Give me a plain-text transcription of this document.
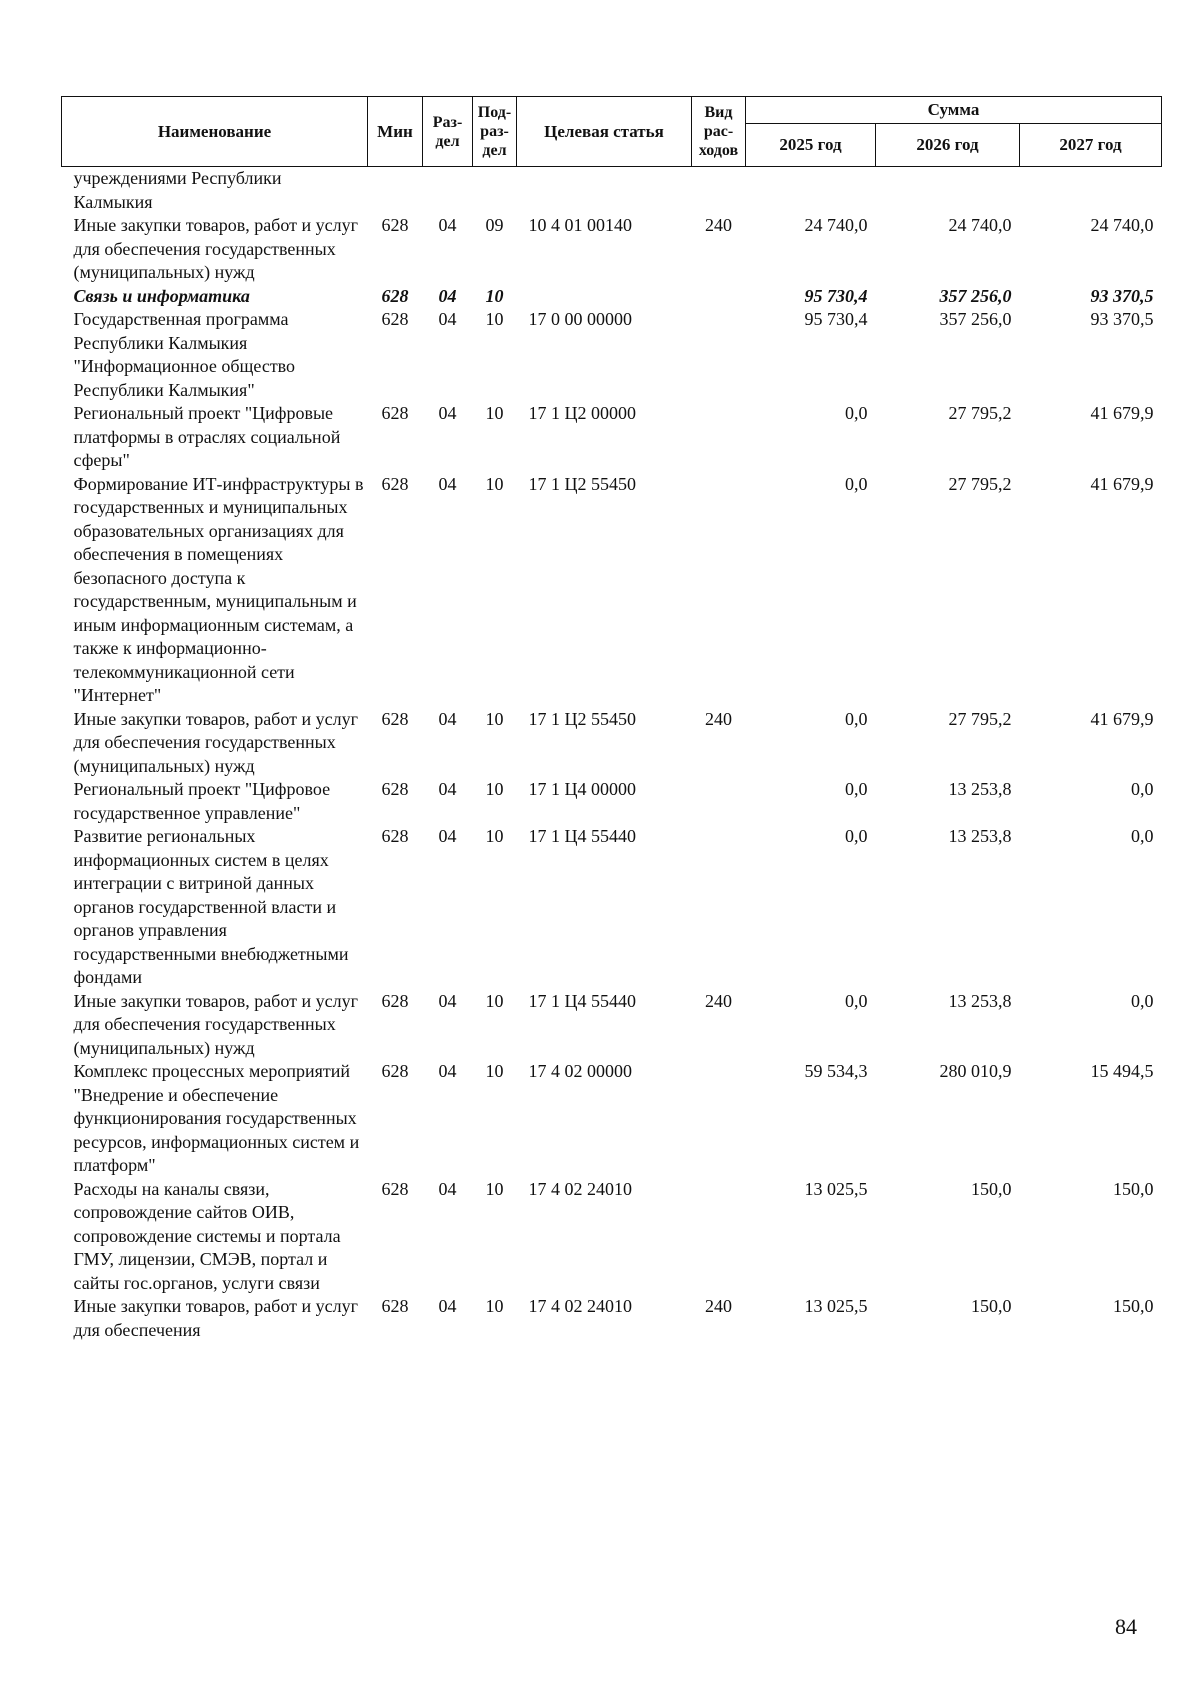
Наименование	Мин	Раз-дел	Под-раз-дел	Целевая статья	Вид рас-ходов	Сумма		
						2025 год	2026 год	2027 год
учреждениями Республики Калмыкия								
Иные закупки товаров, работ и услуг для обеспечения государственных (муниципальных) нужд	628	04	09	10 4 01 00140	240	24 740,0	24 740,0	24 740,0
Связь и информатика	628	04	10			95 730,4	357 256,0	93 370,5
Государственная программа Республики Калмыкия "Информационное общество Республики Калмыкия"	628	04	10	17 0 00 00000		95 730,4	357 256,0	93 370,5
Региональный проект "Цифровые платформы в отраслях социальной сферы"	628	04	10	17 1 Ц2 00000		0,0	27 795,2	41 679,9
Формирование ИТ-инфраструктуры в государственных и муниципальных образовательных организациях для обеспечения в помещениях безопасного доступа к государственным, муниципальным и иным информационным системам, а также к информационно-телекоммуникационной сети "Интернет"	628	04	10	17 1 Ц2 55450		0,0	27 795,2	41 679,9
Иные закупки товаров, работ и услуг для обеспечения государственных (муниципальных) нужд	628	04	10	17 1 Ц2 55450	240	0,0	27 795,2	41 679,9
Региональный проект "Цифровое государственное управление"	628	04	10	17 1 Ц4 00000		0,0	13 253,8	0,0
Развитие региональных информационных систем в целях интеграции с витриной данных органов государственной власти и органов управления государственными внебюджетными фондами	628	04	10	17 1 Ц4 55440		0,0	13 253,8	0,0
Иные закупки товаров, работ и услуг для обеспечения государственных (муниципальных) нужд	628	04	10	17 1 Ц4 55440	240	0,0	13 253,8	0,0
Комплекс процессных мероприятий "Внедрение и обеспечение функционирования государственных ресурсов, информационных систем и платформ"	628	04	10	17 4 02 00000		59 534,3	280 010,9	15 494,5
Расходы на каналы связи, сопровождение сайтов ОИВ, сопровождение системы и портала ГМУ, лицензии, СМЭВ, портал и сайты гос.органов, услуги связи	628	04	10	17 4 02 24010		13 025,5	150,0	150,0
Иные закупки товаров, работ и услуг для обеспечения	628	04	10	17 4 02 24010	240	13 025,5	150,0	150,0
84
